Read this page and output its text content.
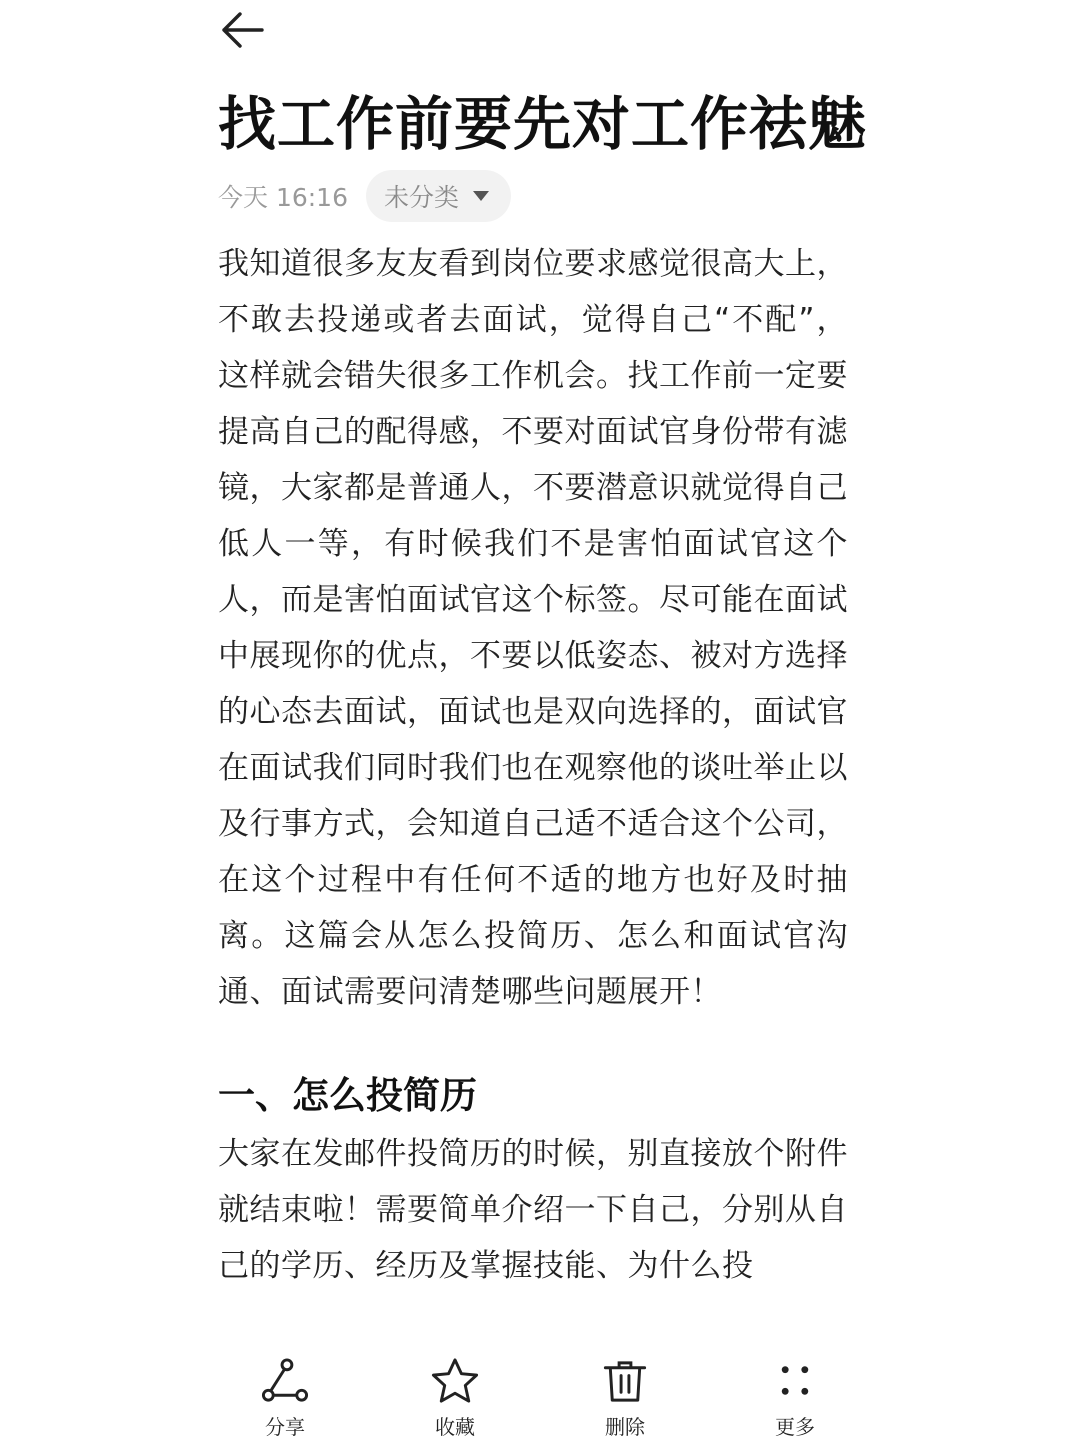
找工作前要先对工作祛魅
今天 16:16 未分类

我知道很多友友看到岗位要求感觉很高大上，不敢去投递或者去面试，觉得自己“不配”，这样就会错失很多工作机会。找工作前一定要提高自己的配得感，不要对面试官身份带有滤镜，大家都是普通人，不要潜意识就觉得自己低人一等，有时候我们不是害怕面试官这个人，而是害怕面试官这个标签。尽可能在面试中展现你的优点，不要以低姿态、被对方选择的心态去面试，面试也是双向选择的，面试官在面试我们同时我们也在观察他的谈吐举止以及行事方式，会知道自己适不适合这个公司，在这个过程中有任何不适的地方也好及时抽离。这篇会从怎么投简历、怎么和面试官沟通、面试需要问清楚哪些问题展开！

一、怎么投简历

大家在发邮件投简历的时候，别直接放个附件就结束啦！需要简单介绍一下自己，分别从自己的学历、经历及掌握技能、为什么投

分享	收藏	删除	更多
